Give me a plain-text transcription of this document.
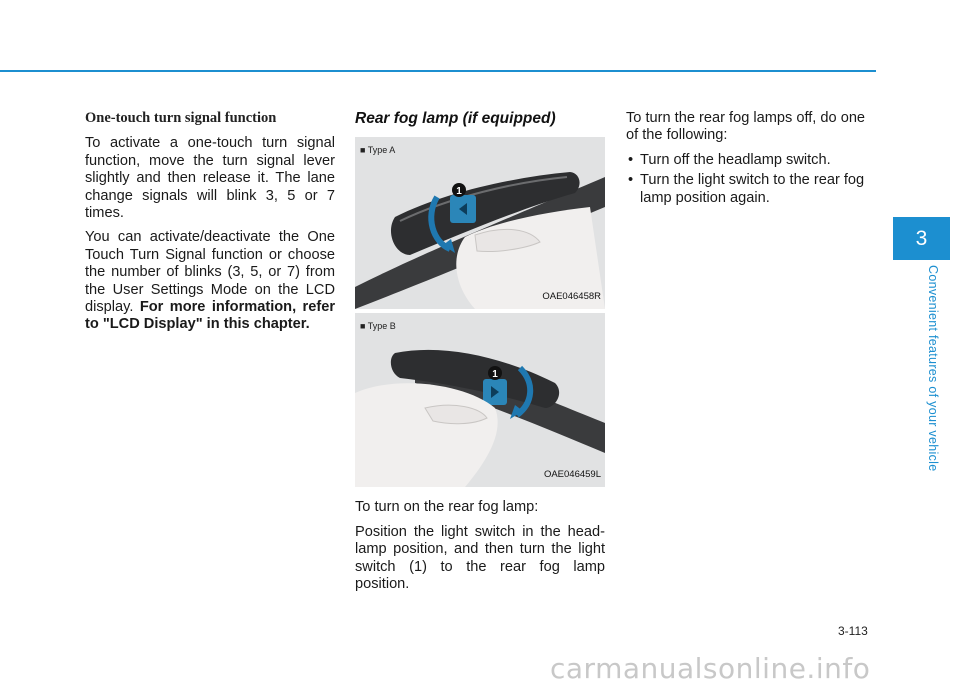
One-touch turn signal function

To activate a one-touch turn signal function, move the turn signal lever slightly and then release it. The lane change signals will blink 3, 5 or 7 times.

You can activate/deactivate the One Touch Turn Signal function or choose the number of blinks (3, 5, or 7) from the User Settings Mode on the LCD display. For more information, refer to "LCD Display" in this chapter.

Rear fog lamp (if equipped)
1
■ Type A
OAE046458R
1
■ Type B
OAE046459L

To turn on the rear fog lamp:

Position the light switch in the head-lamp position, and then turn the light switch (1) to the rear fog lamp position.

To turn the rear fog lamps off, do one of the following:

• Turn off the headlamp switch.
• Turn the light switch to the rear fog lamp position again.
3
Convenient features of your vehicle
3-113
carmanualsonline.info
